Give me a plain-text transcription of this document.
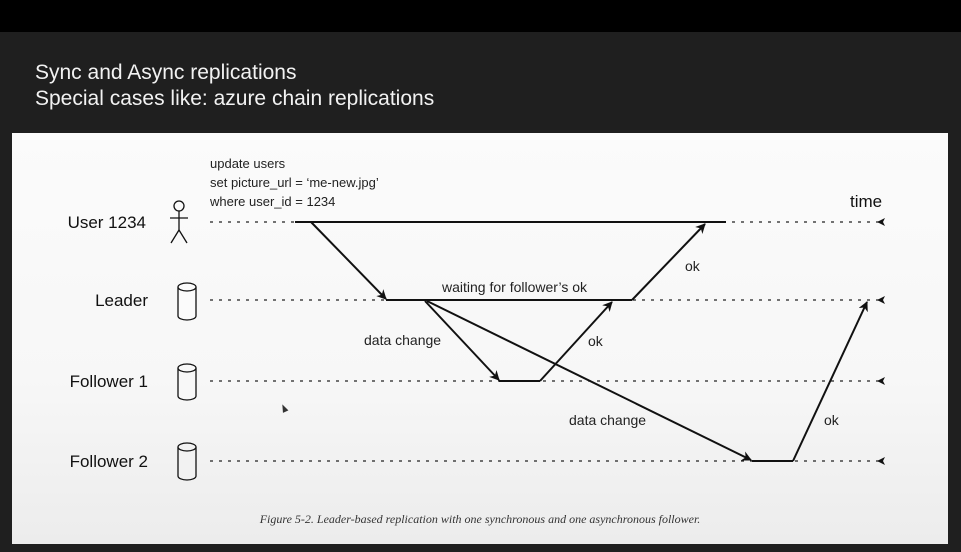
Sync and Async replications
Special cases like: azure chain replications
update users
set picture_url = ‘me-new.jpg’
where user_id = 1234	time
User 1234
Leader
Follower 1
Follower 2
waiting for follower’s ok
data change
data change
ok
ok
ok
Figure 5-2. Leader-based replication with one synchronous and one asynchronous follower.
